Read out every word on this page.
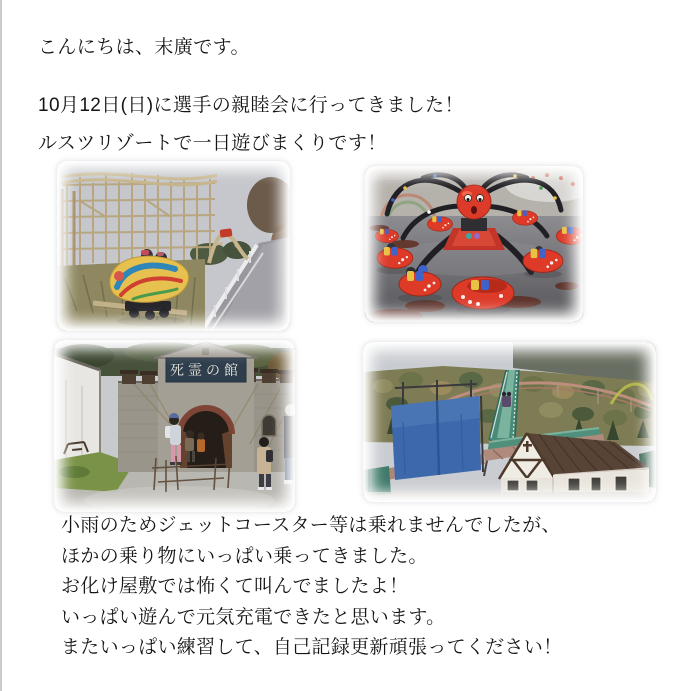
こんにちは、末廣です。

10月12日(日)に選手の親睦会に行ってきました！

ルスツリゾートで一日遊びまくりです！

死霊の館

小雨のためジェットコースター等は乗れませんでしたが、

ほかの乗り物にいっぱい乗ってきました。

お化け屋敷では怖くて叫んでましたよ！

いっぱい遊んで元気充電できたと思います。

またいっぱい練習して、自己記録更新頑張ってください！
